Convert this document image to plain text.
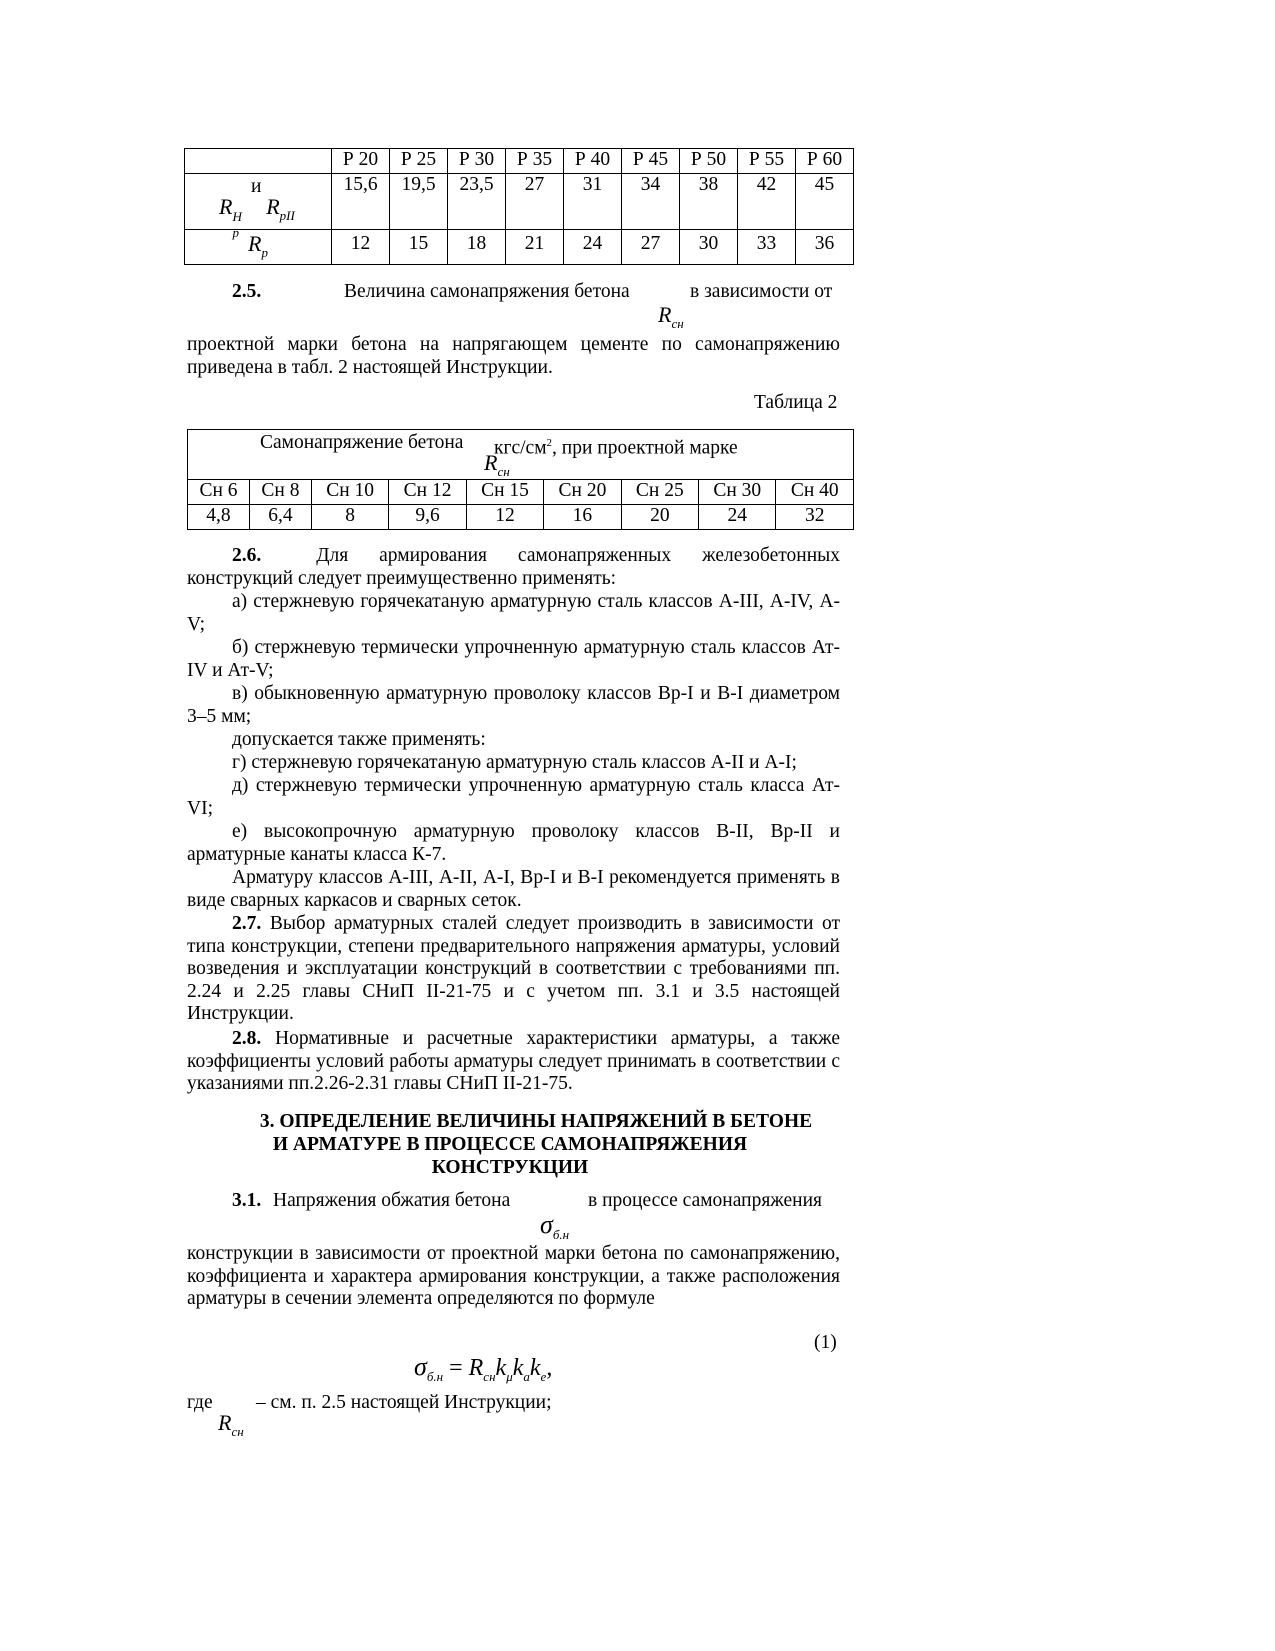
	Р 20	Р 25	Р 30	Р 35	Р 40	Р 45	Р 50	Р 55	Р 60

и
R Н
р
$R_{pII}$	15,6	19,5	23,5	27	31	34	38	42	45
$R_р$	12	15	18	21	24	27	30	33	36
2.5.	Величина самонапряжения бетона	в зависимости от
$R_{сн}$
проектной марки бетона на напрягающем цементе по самонапряжению приведена в табл. 2 настоящей Инструкции.
Таблица 2
Самонапряжение бетона кгс/$см^2$, при проектной марке
$R_{сн}$

Сн 6	Сн 8	Сн 10	Сн 12	Сн 15	Сн 20	Сн 25	Сн 30	Сн 40
4,8	6,4	8	9,6	12	16	20	24	32
2.6.	Для армирования самонапряженных железобетонных конструкций следует преимущественно применять:
а) стержневую горячекатаную арматурную сталь классов А-III, А-IV, А-V;
б) стержневую термически упрочненную арматурную сталь классов Ат-IV и Ат-V;
в) обыкновенную арматурную проволоку классов Вр-I и В-I диаметром 3–5 мм;
допускается также применять:
г) стержневую горячекатаную арматурную сталь классов А-II и А-I;
д) стержневую термически упрочненную арматурную сталь класса Ат-VI;
е) высокопрочную арматурную проволоку классов В-II, Вр-II и арматурные канаты класса К-7.
Арматуру классов А-III, А-II, А-I, Вр-I и В-I рекомендуется применять в виде сварных каркасов и сварных сеток.
2.7. Выбор арматурных сталей следует производить в зависимости от типа конструкции, степени предварительного напряжения арматуры, условий возведения и эксплуатации конструкций в соответствии с требованиями пп. 2.24 и 2.25 главы СНиП II-21-75 и с учетом пп. 3.1 и 3.5 настоящей Инструкции.
2.8. Нормативные и расчетные характеристики арматуры, а также коэффициенты условий работы арматуры следует принимать в соответствии с указаниями пп.2.26-2.31 главы СНиП II-21-75.
3. ОПРЕДЕЛЕНИЕ ВЕЛИЧИНЫ НАПРЯЖЕНИЙ В БЕТОНЕ
И АРМАТУРЕ В ПРОЦЕССЕ САМОНАПРЯЖЕНИЯ
КОНСТРУКЦИИ
3.1. Напряжения обжатия бетона	в процессе самонапряжения
$\sigma_{б.н}$
конструкции в зависимости от проектной марки бетона по самонапряжению, коэффициента и характера армирования конструкции, а также расположения арматуры в сечении элемента определяются по формуле
(1)
$\sigma_{б.н} = R_{сн}k_\mu k_аk_е$,
где
$R_{сн}$
– см. п. 2.5 настоящей Инструкции;
